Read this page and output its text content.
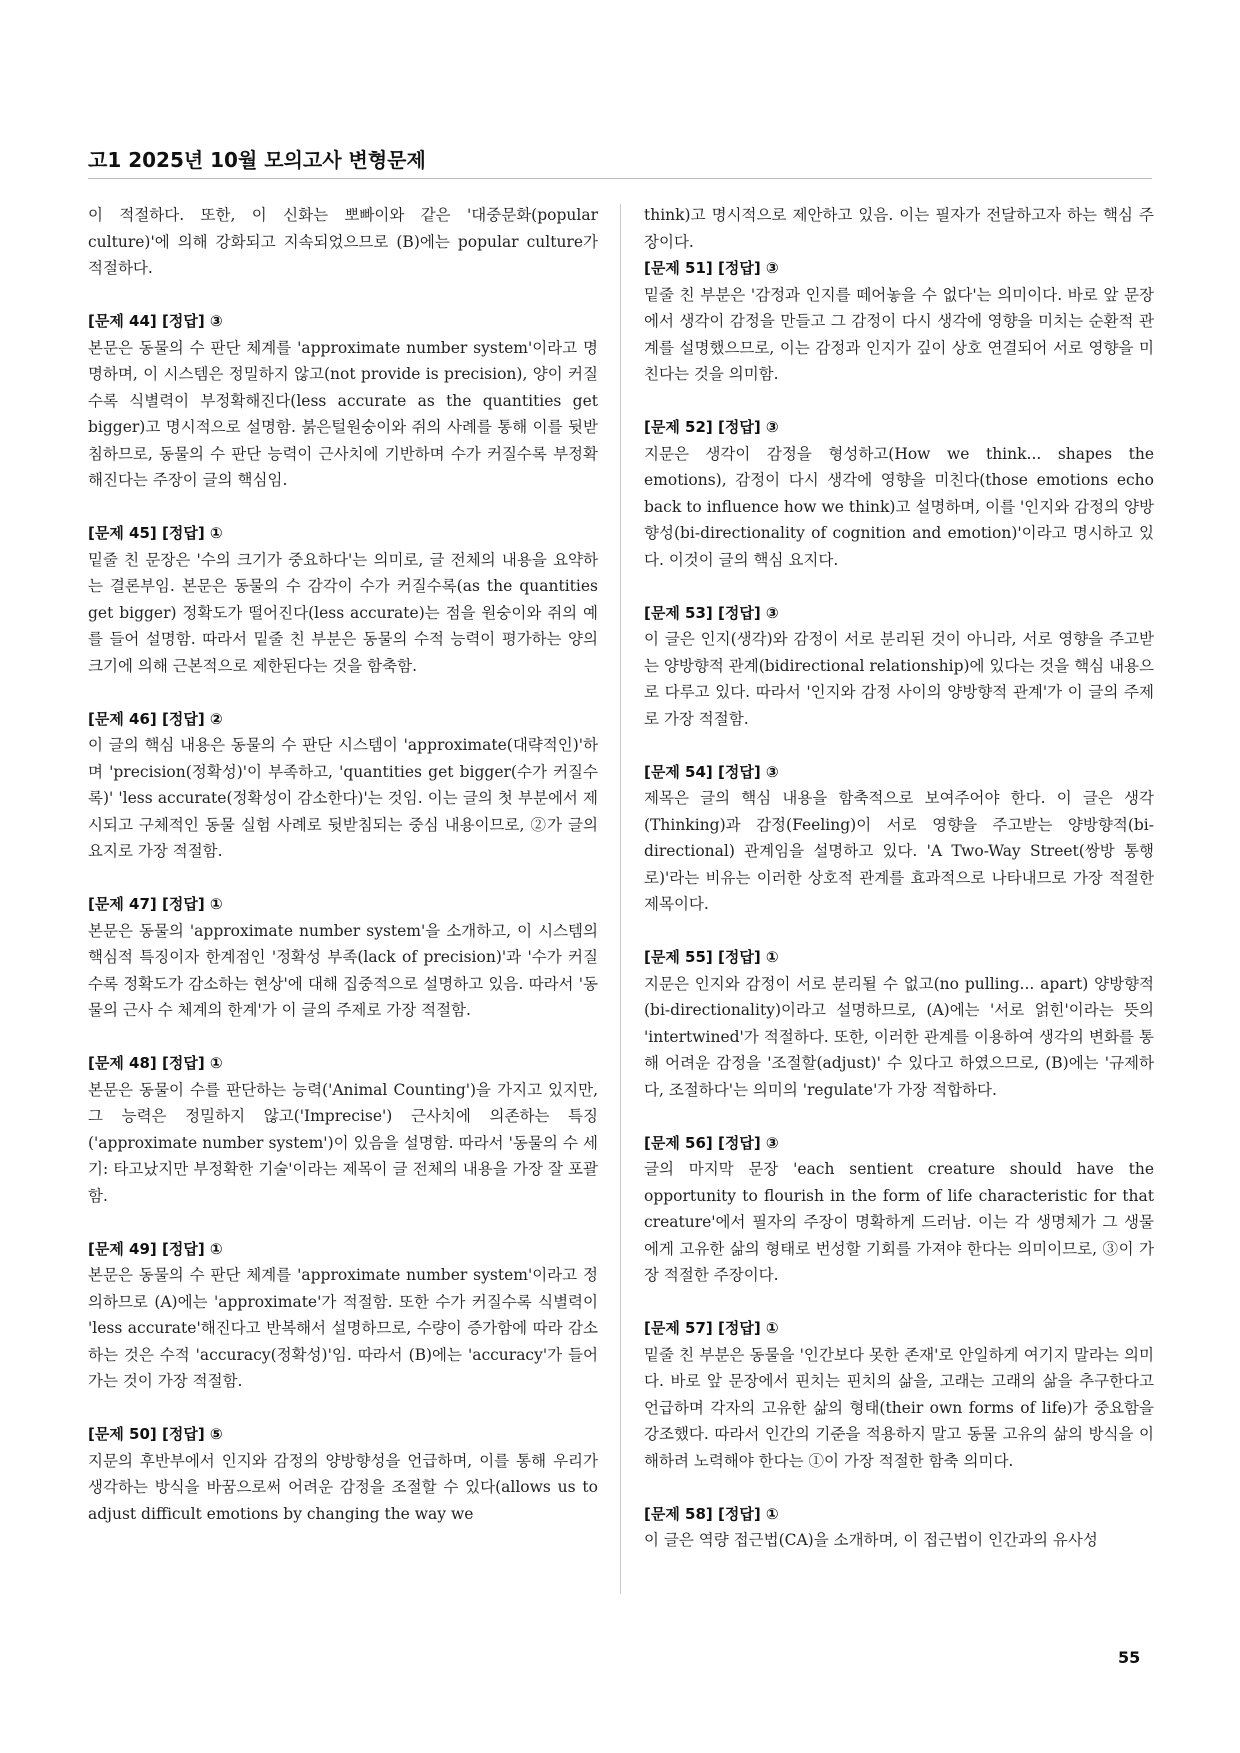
고1 2025년 10월 모의고사 변형문제

이 적절하다. 또한, 이 신화는 뽀빠이와 같은 '대중문화(popular culture)'에 의해 강화되고 지속되었으므로 (B)에는 popular culture가 적절하다.

[문제 44] [정답] ③

본문은 동물의 수 판단 체계를 'approximate number system'이라고 명명하며, 이 시스템은 정밀하지 않고(not provide is precision), 양이 커질수록 식별력이 부정확해진다(less accurate as the quantities get bigger)고 명시적으로 설명함. 붉은털원숭이와 쥐의 사례를 통해 이를 뒷받침하므로, 동물의 수 판단 능력이 근사치에 기반하며 수가 커질수록 부정확해진다는 주장이 글의 핵심임.

[문제 45] [정답] ①

밑줄 친 문장은 '수의 크기가 중요하다'는 의미로, 글 전체의 내용을 요약하는 결론부임. 본문은 동물의 수 감각이 수가 커질수록(as the quantities get bigger) 정확도가 떨어진다(less accurate)는 점을 원숭이와 쥐의 예를 들어 설명함. 따라서 밑줄 친 부분은 동물의 수적 능력이 평가하는 양의 크기에 의해 근본적으로 제한된다는 것을 함축함.

[문제 46] [정답] ②

이 글의 핵심 내용은 동물의 수 판단 시스템이 'approximate(대략적인)'하며 'precision(정확성)'이 부족하고, 'quantities get bigger(수가 커질수록)' 'less accurate(정확성이 감소한다)'는 것임. 이는 글의 첫 부분에서 제시되고 구체적인 동물 실험 사례로 뒷받침되는 중심 내용이므로, ②가 글의 요지로 가장 적절함.

[문제 47] [정답] ①

본문은 동물의 'approximate number system'을 소개하고, 이 시스템의 핵심적 특징이자 한계점인 '정확성 부족(lack of precision)'과 '수가 커질수록 정확도가 감소하는 현상'에 대해 집중적으로 설명하고 있음. 따라서 '동물의 근사 수 체계의 한계'가 이 글의 주제로 가장 적절함.

[문제 48] [정답] ①

본문은 동물이 수를 판단하는 능력('Animal Counting')을 가지고 있지만, 그 능력은 정밀하지 않고('Imprecise') 근사치에 의존하는 특징('approximate number system')이 있음을 설명함. 따라서 '동물의 수 세기: 타고났지만 부정확한 기술'이라는 제목이 글 전체의 내용을 가장 잘 포괄함.

[문제 49] [정답] ①

본문은 동물의 수 판단 체계를 'approximate number system'이라고 정의하므로 (A)에는 'approximate'가 적절함. 또한 수가 커질수록 식별력이 'less accurate'해진다고 반복해서 설명하므로, 수량이 증가함에 따라 감소하는 것은 수적 'accuracy(정확성)'임. 따라서 (B)에는 'accuracy'가 들어가는 것이 가장 적절함.

[문제 50] [정답] ⑤

지문의 후반부에서 인지와 감정의 양방향성을 언급하며, 이를 통해 우리가 생각하는 방식을 바꿈으로써 어려운 감정을 조절할 수 있다(allows us to adjust difficult emotions by changing the way we

think)고 명시적으로 제안하고 있음. 이는 필자가 전달하고자 하는 핵심 주장이다.

[문제 51] [정답] ③

밑줄 친 부분은 '감정과 인지를 떼어놓을 수 없다'는 의미이다. 바로 앞 문장에서 생각이 감정을 만들고 그 감정이 다시 생각에 영향을 미치는 순환적 관계를 설명했으므로, 이는 감정과 인지가 깊이 상호 연결되어 서로 영향을 미친다는 것을 의미함.

[문제 52] [정답] ③

지문은 생각이 감정을 형성하고(How we think... shapes the emotions), 감정이 다시 생각에 영향을 미친다(those emotions echo back to influence how we think)고 설명하며, 이를 '인지와 감정의 양방향성(bi-directionality of cognition and emotion)'이라고 명시하고 있다. 이것이 글의 핵심 요지다.

[문제 53] [정답] ③

이 글은 인지(생각)와 감정이 서로 분리된 것이 아니라, 서로 영향을 주고받는 양방향적 관계(bidirectional relationship)에 있다는 것을 핵심 내용으로 다루고 있다. 따라서 '인지와 감정 사이의 양방향적 관계'가 이 글의 주제로 가장 적절함.

[문제 54] [정답] ③

제목은 글의 핵심 내용을 함축적으로 보여주어야 한다. 이 글은 생각(Thinking)과 감정(Feeling)이 서로 영향을 주고받는 양방향적(bi-directional) 관계임을 설명하고 있다. 'A Two-Way Street(쌍방 통행로)'라는 비유는 이러한 상호적 관계를 효과적으로 나타내므로 가장 적절한 제목이다.

[문제 55] [정답] ①

지문은 인지와 감정이 서로 분리될 수 없고(no pulling... apart) 양방향적(bi-directionality)이라고 설명하므로, (A)에는 '서로 얽힌'이라는 뜻의 'intertwined'가 적절하다. 또한, 이러한 관계를 이용하여 생각의 변화를 통해 어려운 감정을 '조절할(adjust)' 수 있다고 하였으므로, (B)에는 '규제하다, 조절하다'는 의미의 'regulate'가 가장 적합하다.

[문제 56] [정답] ③

글의 마지막 문장 'each sentient creature should have the opportunity to flourish in the form of life characteristic for that creature'에서 필자의 주장이 명확하게 드러남. 이는 각 생명체가 그 생물에게 고유한 삶의 형태로 번성할 기회를 가져야 한다는 의미이므로, ③이 가장 적절한 주장이다.

[문제 57] [정답] ①

밑줄 친 부분은 동물을 '인간보다 못한 존재'로 안일하게 여기지 말라는 의미다. 바로 앞 문장에서 핀치는 핀치의 삶을, 고래는 고래의 삶을 추구한다고 언급하며 각자의 고유한 삶의 형태(their own forms of life)가 중요함을 강조했다. 따라서 인간의 기준을 적용하지 말고 동물 고유의 삶의 방식을 이해하려 노력해야 한다는 ①이 가장 적절한 함축 의미다.

[문제 58] [정답] ①

이 글은 역량 접근법(CA)을 소개하며, 이 접근법이 인간과의 유사성

55
